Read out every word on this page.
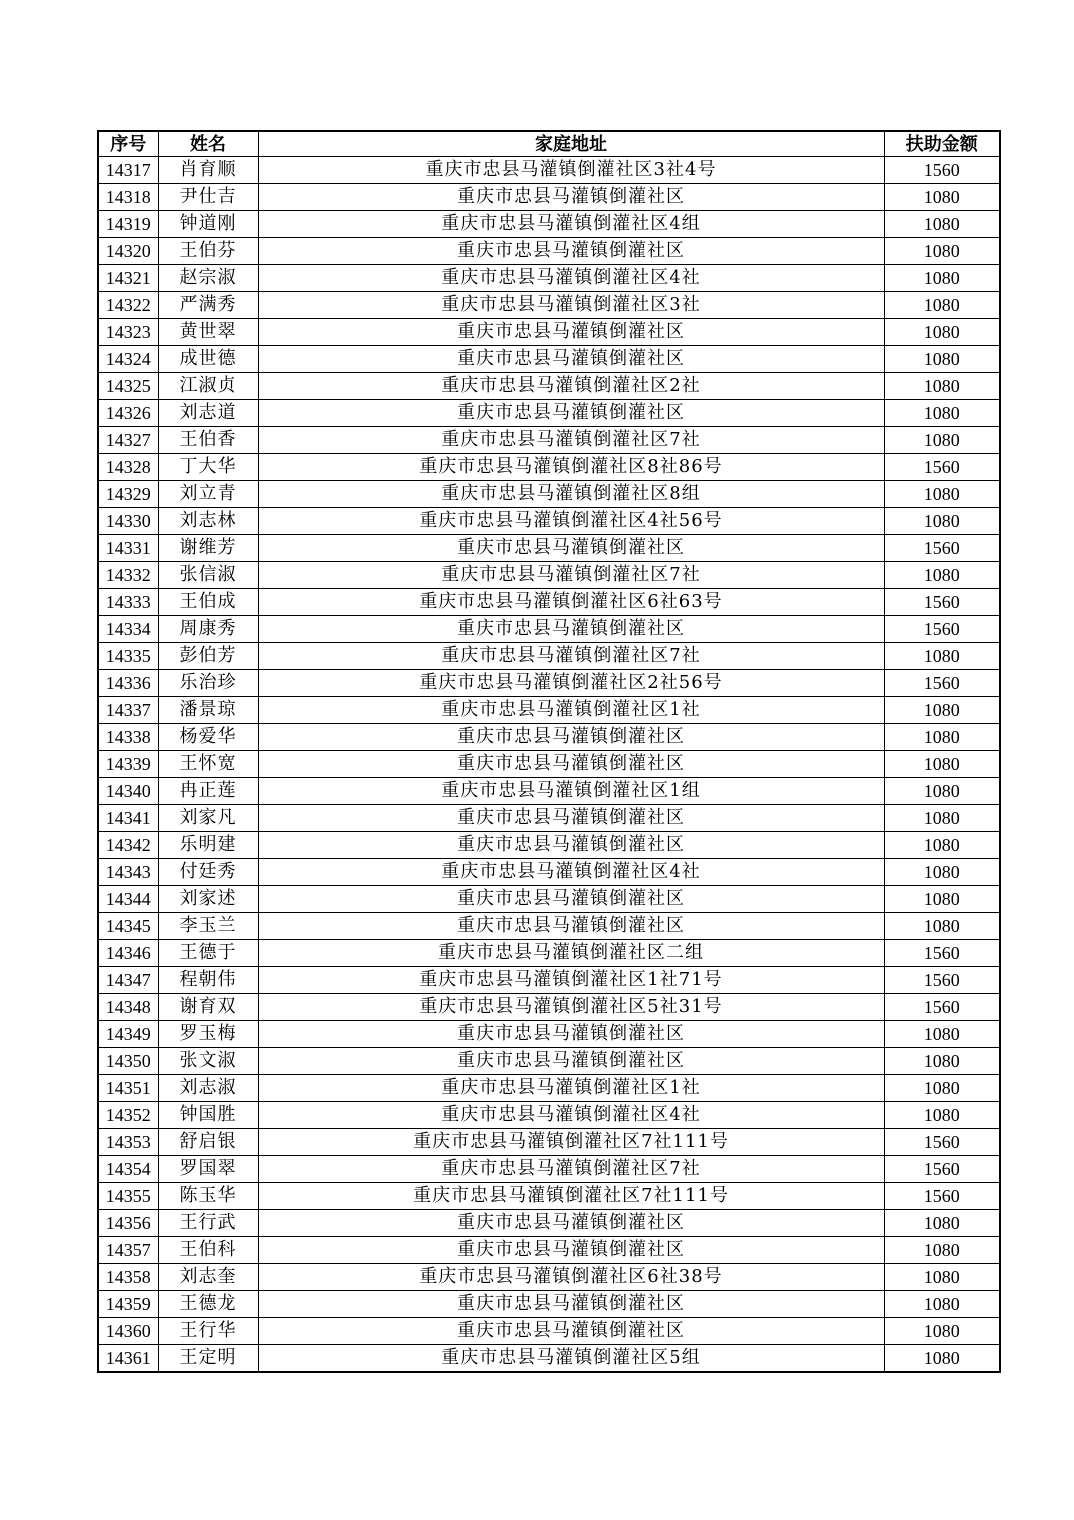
序号	姓名	家庭地址	扶助金额
14317	肖育顺	重庆市忠县马灌镇倒灌社区3社4号	1560
14318	尹仕吉	重庆市忠县马灌镇倒灌社区	1080
14319	钟道刚	重庆市忠县马灌镇倒灌社区4组	1080
14320	王伯芬	重庆市忠县马灌镇倒灌社区	1080
14321	赵宗淑	重庆市忠县马灌镇倒灌社区4社	1080
14322	严满秀	重庆市忠县马灌镇倒灌社区3社	1080
14323	黄世翠	重庆市忠县马灌镇倒灌社区	1080
14324	成世德	重庆市忠县马灌镇倒灌社区	1080
14325	江淑贞	重庆市忠县马灌镇倒灌社区2社	1080
14326	刘志道	重庆市忠县马灌镇倒灌社区	1080
14327	王伯香	重庆市忠县马灌镇倒灌社区7社	1080
14328	丁大华	重庆市忠县马灌镇倒灌社区8社86号	1560
14329	刘立青	重庆市忠县马灌镇倒灌社区8组	1080
14330	刘志林	重庆市忠县马灌镇倒灌社区4社56号	1080
14331	谢维芳	重庆市忠县马灌镇倒灌社区	1560
14332	张信淑	重庆市忠县马灌镇倒灌社区7社	1080
14333	王伯成	重庆市忠县马灌镇倒灌社区6社63号	1560
14334	周康秀	重庆市忠县马灌镇倒灌社区	1560
14335	彭伯芳	重庆市忠县马灌镇倒灌社区7社	1080
14336	乐治珍	重庆市忠县马灌镇倒灌社区2社56号	1560
14337	潘景琼	重庆市忠县马灌镇倒灌社区1社	1080
14338	杨爱华	重庆市忠县马灌镇倒灌社区	1080
14339	王怀宽	重庆市忠县马灌镇倒灌社区	1080
14340	冉正莲	重庆市忠县马灌镇倒灌社区1组	1080
14341	刘家凡	重庆市忠县马灌镇倒灌社区	1080
14342	乐明建	重庆市忠县马灌镇倒灌社区	1080
14343	付廷秀	重庆市忠县马灌镇倒灌社区4社	1080
14344	刘家述	重庆市忠县马灌镇倒灌社区	1080
14345	李玉兰	重庆市忠县马灌镇倒灌社区	1080
14346	王德于	重庆市忠县马灌镇倒灌社区二组	1560
14347	程朝伟	重庆市忠县马灌镇倒灌社区1社71号	1560
14348	谢育双	重庆市忠县马灌镇倒灌社区5社31号	1560
14349	罗玉梅	重庆市忠县马灌镇倒灌社区	1080
14350	张文淑	重庆市忠县马灌镇倒灌社区	1080
14351	刘志淑	重庆市忠县马灌镇倒灌社区1社	1080
14352	钟国胜	重庆市忠县马灌镇倒灌社区4社	1080
14353	舒启银	重庆市忠县马灌镇倒灌社区7社111号	1560
14354	罗国翠	重庆市忠县马灌镇倒灌社区7社	1560
14355	陈玉华	重庆市忠县马灌镇倒灌社区7社111号	1560
14356	王行武	重庆市忠县马灌镇倒灌社区	1080
14357	王伯科	重庆市忠县马灌镇倒灌社区	1080
14358	刘志奎	重庆市忠县马灌镇倒灌社区6社38号	1080
14359	王德龙	重庆市忠县马灌镇倒灌社区	1080
14360	王行华	重庆市忠县马灌镇倒灌社区	1080
14361	王定明	重庆市忠县马灌镇倒灌社区5组	1080
